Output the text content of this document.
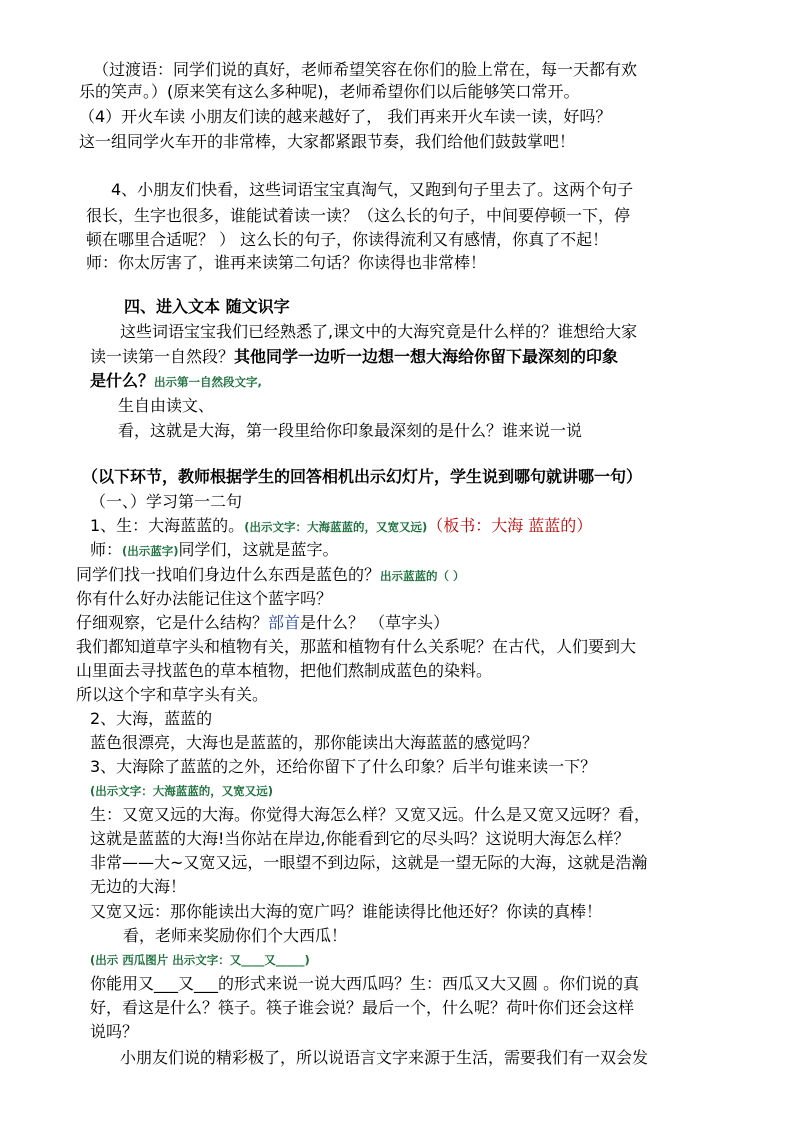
（过渡语：同学们说的真好，老师希望笑容在你们的脸上常在，每一天都有欢
乐的笑声。）(原来笑有这么多种呢)，老师希望你们以后能够笑口常开。
（4）开火车读 小朋友们读的越来越好了， 我们再来开火车读一读，好吗？
这一组同学火车开的非常棒，大家都紧跟节奏，我们给他们鼓鼓掌吧！
4、小朋友们快看，这些词语宝宝真淘气，又跑到句子里去了。这两个句子
很长，生字也很多，谁能试着读一读？（这么长的句子，中间要停顿一下，停
顿在哪里合适呢？ ） 这么长的句子，你读得流利又有感情，你真了不起！
师：你太厉害了，谁再来读第二句话？你读得也非常棒！
四、进入文本 随文识字
这些词语宝宝我们已经熟悉了,课文中的大海究竟是什么样的？谁想给大家
读一读第一自然段？其他同学一边听一边想一想大海给你留下最深刻的印象
是什么？出示第一自然段文字,
生自由读文、
看，这就是大海，第一段里给你印象最深刻的是什么？谁来说一说
（以下环节，教师根据学生的回答相机出示幻灯片，学生说到哪句就讲哪一句）
（一、）学习第一二句
1、生：大海蓝蓝的。(出示文字：大海蓝蓝的，又宽又远)（板书：大海 蓝蓝的）
师：(出示蓝字)同学们，这就是蓝字。
同学们找一找咱们身边什么东西是蓝色的？出示蓝蓝的（ ）
你有什么好办法能记住这个蓝字吗？
仔细观察，它是什么结构？部首是什么？ （草字头）
我们都知道草字头和植物有关，那蓝和植物有什么关系呢？在古代，人们要到大
山里面去寻找蓝色的草本植物，把他们熬制成蓝色的染料。
所以这个字和草字头有关。
2、大海，蓝蓝的
蓝色很漂亮，大海也是蓝蓝的，那你能读出大海蓝蓝的感觉吗？
3、大海除了蓝蓝的之外，还给你留下了什么印象？后半句谁来读一下？
(出示文字：大海蓝蓝的，又宽又远)
生：又宽又远的大海。你觉得大海怎么样？又宽又远。什么是又宽又远呀？看，
这就是蓝蓝的大海!当你站在岸边,你能看到它的尽头吗？这说明大海怎么样？
非常——大~又宽又远，一眼望不到边际，这就是一望无际的大海，这就是浩瀚
无边的大海！
又宽又远：那你能读出大海的宽广吗？谁能读得比他还好？你读的真棒！
看，老师来奖励你们个大西瓜！
(出示 西瓜图片 出示文字：又____又_____)
你能用又___又___的形式来说一说大西瓜吗？生：西瓜又大又圆 。你们说的真
好，看这是什么？筷子。筷子谁会说？最后一个，什么呢？荷叶你们还会这样
说吗？
小朋友们说的精彩极了，所以说语言文字来源于生活，需要我们有一双会发
